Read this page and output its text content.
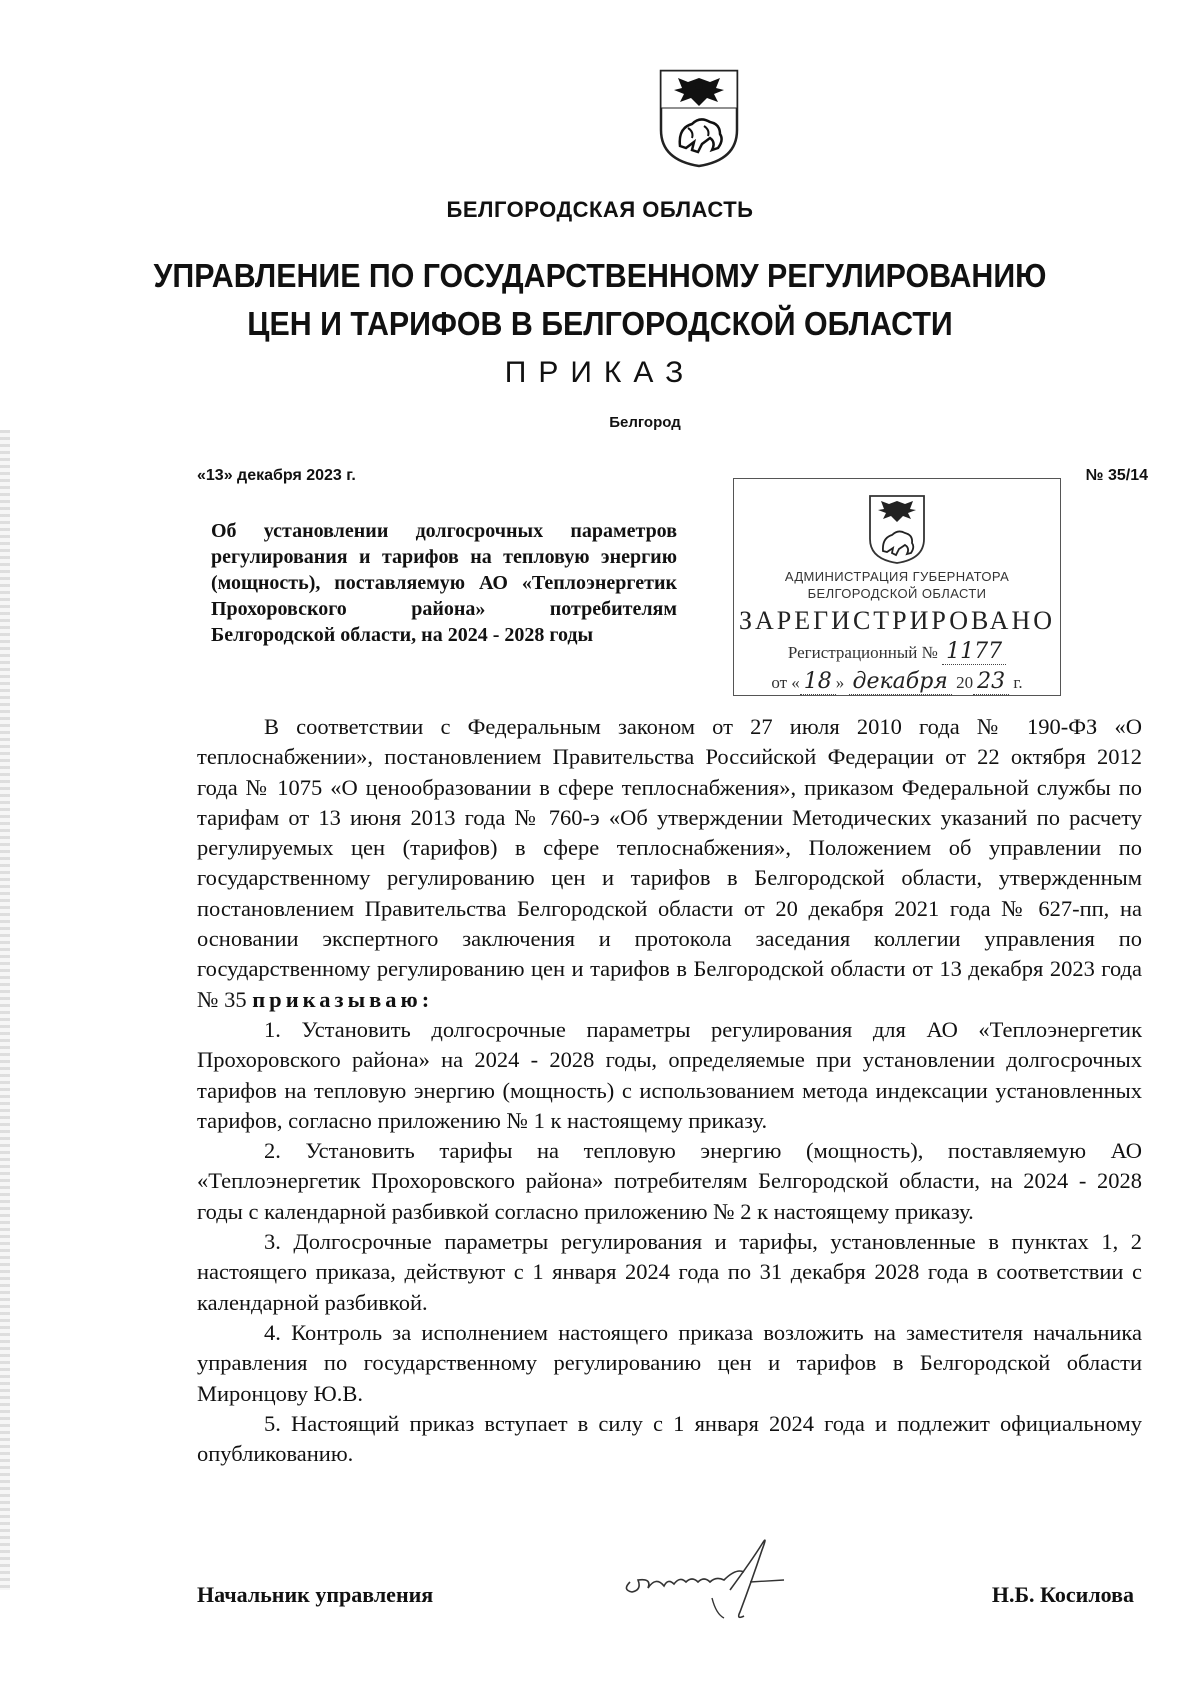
БЕЛГОРОДСКАЯ ОБЛАСТЬ
УПРАВЛЕНИЕ ПО ГОСУДАРСТВЕННОМУ РЕГУЛИРОВАНИЮ
ЦЕН И ТАРИФОВ В БЕЛГОРОДСКОЙ ОБЛАСТИ
ПРИКАЗ
Белгород
«13» декабря 2023 г.	№ 35/14
АДМИНИСТРАЦИЯ ГУБЕРНАТОРА
БЕЛГОРОДСКОЙ ОБЛАСТИ
ЗАРЕГИСТРИРОВАНО
Регистрационный № 1177
от « 18 » декабря 20 23 г.
Об установлении долгосрочных параметров регулирования и тарифов на тепловую энергию (мощность), поставляемую АО «Теплоэнергетик Прохоровского района» потребителям Белгородской области, на 2024 - 2028 годы

В соответствии с Федеральным законом от 27 июля 2010 года № 190-ФЗ «О теплоснабжении», постановлением Правительства Российской Федерации от 22 октября 2012 года № 1075 «О ценообразовании в сфере теплоснабжения», приказом Федеральной службы по тарифам от 13 июня 2013 года № 760-э «Об утверждении Методических указаний по расчету регулируемых цен (тарифов) в сфере теплоснабжения», Положением об управлении по государственному регулированию цен и тарифов в Белгородской области, утвержденным постановлением Правительства Белгородской области от 20 декабря 2021 года № 627-пп, на основании экспертного заключения и протокола заседания коллегии управления по государственному регулированию цен и тарифов в Белгородской области от 13 декабря 2023 года № 35 приказываю:

1. Установить долгосрочные параметры регулирования для АО «Теплоэнергетик Прохоровского района» на 2024 - 2028 годы, определяемые при установлении долгосрочных тарифов на тепловую энергию (мощность) с использованием метода индексации установленных тарифов, согласно приложению № 1 к настоящему приказу.

2. Установить тарифы на тепловую энергию (мощность), поставляемую АО «Теплоэнергетик Прохоровского района» потребителям Белгородской области, на 2024 - 2028 годы с календарной разбивкой согласно приложению № 2 к настоящему приказу.

3. Долгосрочные параметры регулирования и тарифы, установленные в пунктах 1, 2 настоящего приказа, действуют с 1 января 2024 года по 31 декабря 2028 года в соответствии с календарной разбивкой.

4. Контроль за исполнением настоящего приказа возложить на заместителя начальника управления по государственному регулированию цен и тарифов в Белгородской области Миронцову Ю.В.

5. Настоящий приказ вступает в силу с 1 января 2024 года и подлежит официальному опубликованию.

Начальник управления	Н.Б. Косилова
